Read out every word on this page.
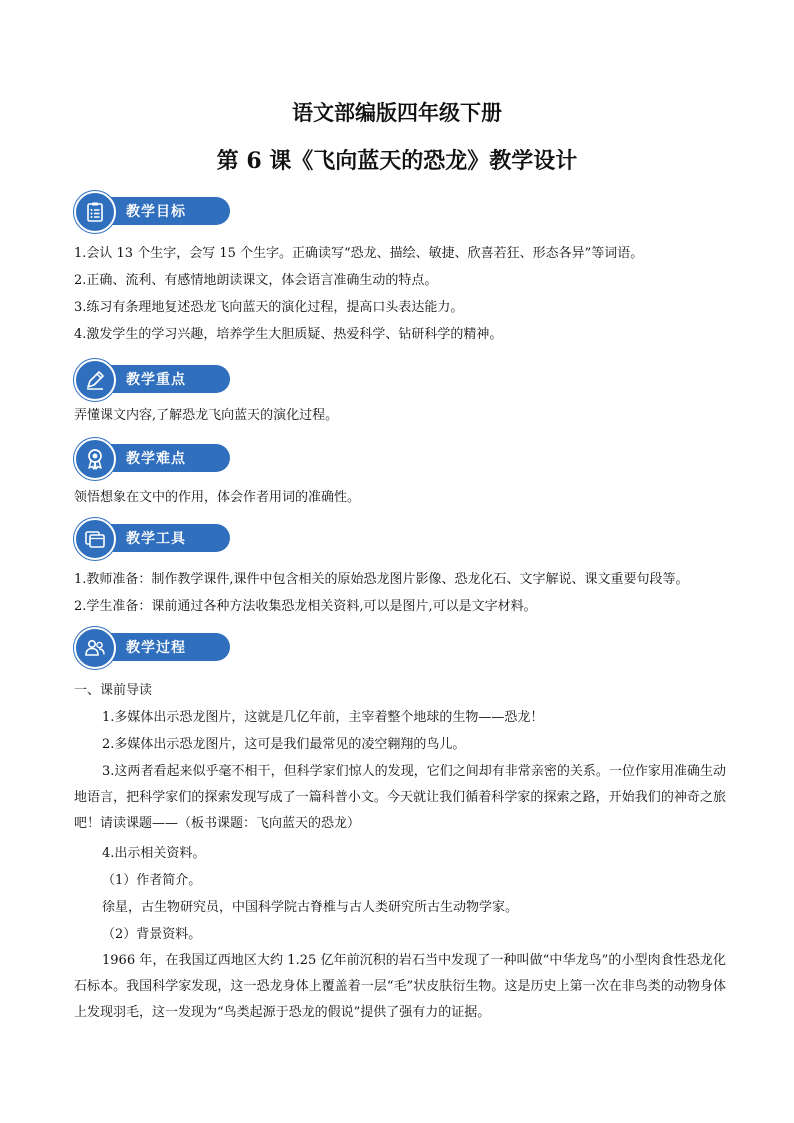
语文部编版四年级下册
第 6 课《飞向蓝天的恐龙》教学设计
教学目标
1.会认 13 个生字，会写 15 个生字。正确读写“恐龙、描绘、敏捷、欣喜若狂、形态各异”等词语。
2.正确、流利、有感情地朗读课文，体会语言准确生动的特点。
3.练习有条理地复述恐龙飞向蓝天的演化过程，提高口头表达能力。
4.激发学生的学习兴趣，培养学生大胆质疑、热爱科学、钻研科学的精神。
教学重点
弄懂课文内容,了解恐龙飞向蓝天的演化过程。
教学难点
领悟想象在文中的作用，体会作者用词的准确性。
教学工具
1.教师准备：制作教学课件,课件中包含相关的原始恐龙图片影像、恐龙化石、文字解说、课文重要句段等。
2.学生准备：课前通过各种方法收集恐龙相关资料,可以是图片,可以是文字材料。
教学过程
一、课前导读
1.多媒体出示恐龙图片，这就是几亿年前，主宰着整个地球的生物——恐龙！
2.多媒体出示恐龙图片，这可是我们最常见的凌空翱翔的鸟儿。
3.这两者看起来似乎毫不相干，但科学家们惊人的发现，它们之间却有非常亲密的关系。一位作家用准确生动地语言，把科学家们的探索发现写成了一篇科普小文。今天就让我们循着科学家的探索之路，开始我们的神奇之旅吧！请读课题——（板书课题：飞向蓝天的恐龙）
4.出示相关资料。
（1）作者简介。
徐星，古生物研究员，中国科学院古脊椎与古人类研究所古生动物学家。
（2）背景资料。
1966 年，在我国辽西地区大约 1.25 亿年前沉积的岩石当中发现了一种叫做“中华龙鸟”的小型肉食性恐龙化石标本。我国科学家发现，这一恐龙身体上覆盖着一层“毛”状皮肤衍生物。这是历史上第一次在非鸟类的动物身体上发现羽毛，这一发现为“鸟类起源于恐龙的假说”提供了强有力的证据。
